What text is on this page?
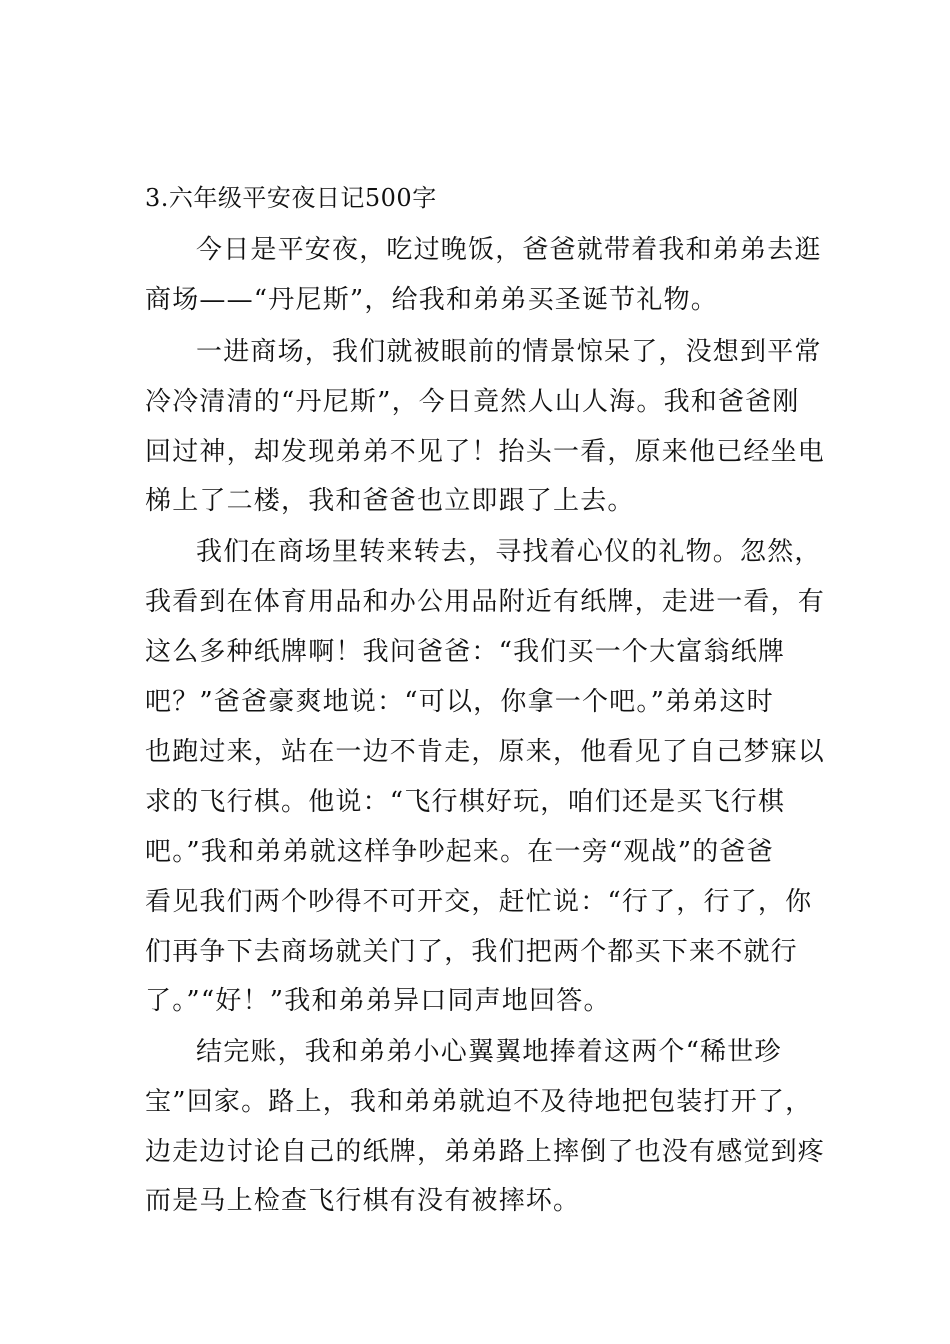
3.六年级平安夜日记500字
今日是平安夜，吃过晚饭，爸爸就带着我和弟弟去逛
商场——“丹尼斯”，给我和弟弟买圣诞节礼物。
一进商场，我们就被眼前的情景惊呆了，没想到平常
冷冷清清的“丹尼斯”，今日竟然人山人海。我和爸爸刚
回过神，却发现弟弟不见了！抬头一看，原来他已经坐电
梯上了二楼，我和爸爸也立即跟了上去。
我们在商场里转来转去，寻找着心仪的礼物。忽然，
我看到在体育用品和办公用品附近有纸牌，走进一看，有
这么多种纸牌啊！我问爸爸：“我们买一个大富翁纸牌
吧？”爸爸豪爽地说：“可以，你拿一个吧。”弟弟这时
也跑过来，站在一边不肯走，原来，他看见了自己梦寐以
求的飞行棋。他说：“飞行棋好玩，咱们还是买飞行棋
吧。”我和弟弟就这样争吵起来。在一旁“观战”的爸爸
看见我们两个吵得不可开交，赶忙说：“行了，行了，你
们再争下去商场就关门了，我们把两个都买下来不就行
了。”“好！”我和弟弟异口同声地回答。
结完账，我和弟弟小心翼翼地捧着这两个“稀世珍
宝”回家。路上，我和弟弟就迫不及待地把包装打开了，
边走边讨论自己的纸牌，弟弟路上摔倒了也没有感觉到疼
而是马上检查飞行棋有没有被摔坏。
